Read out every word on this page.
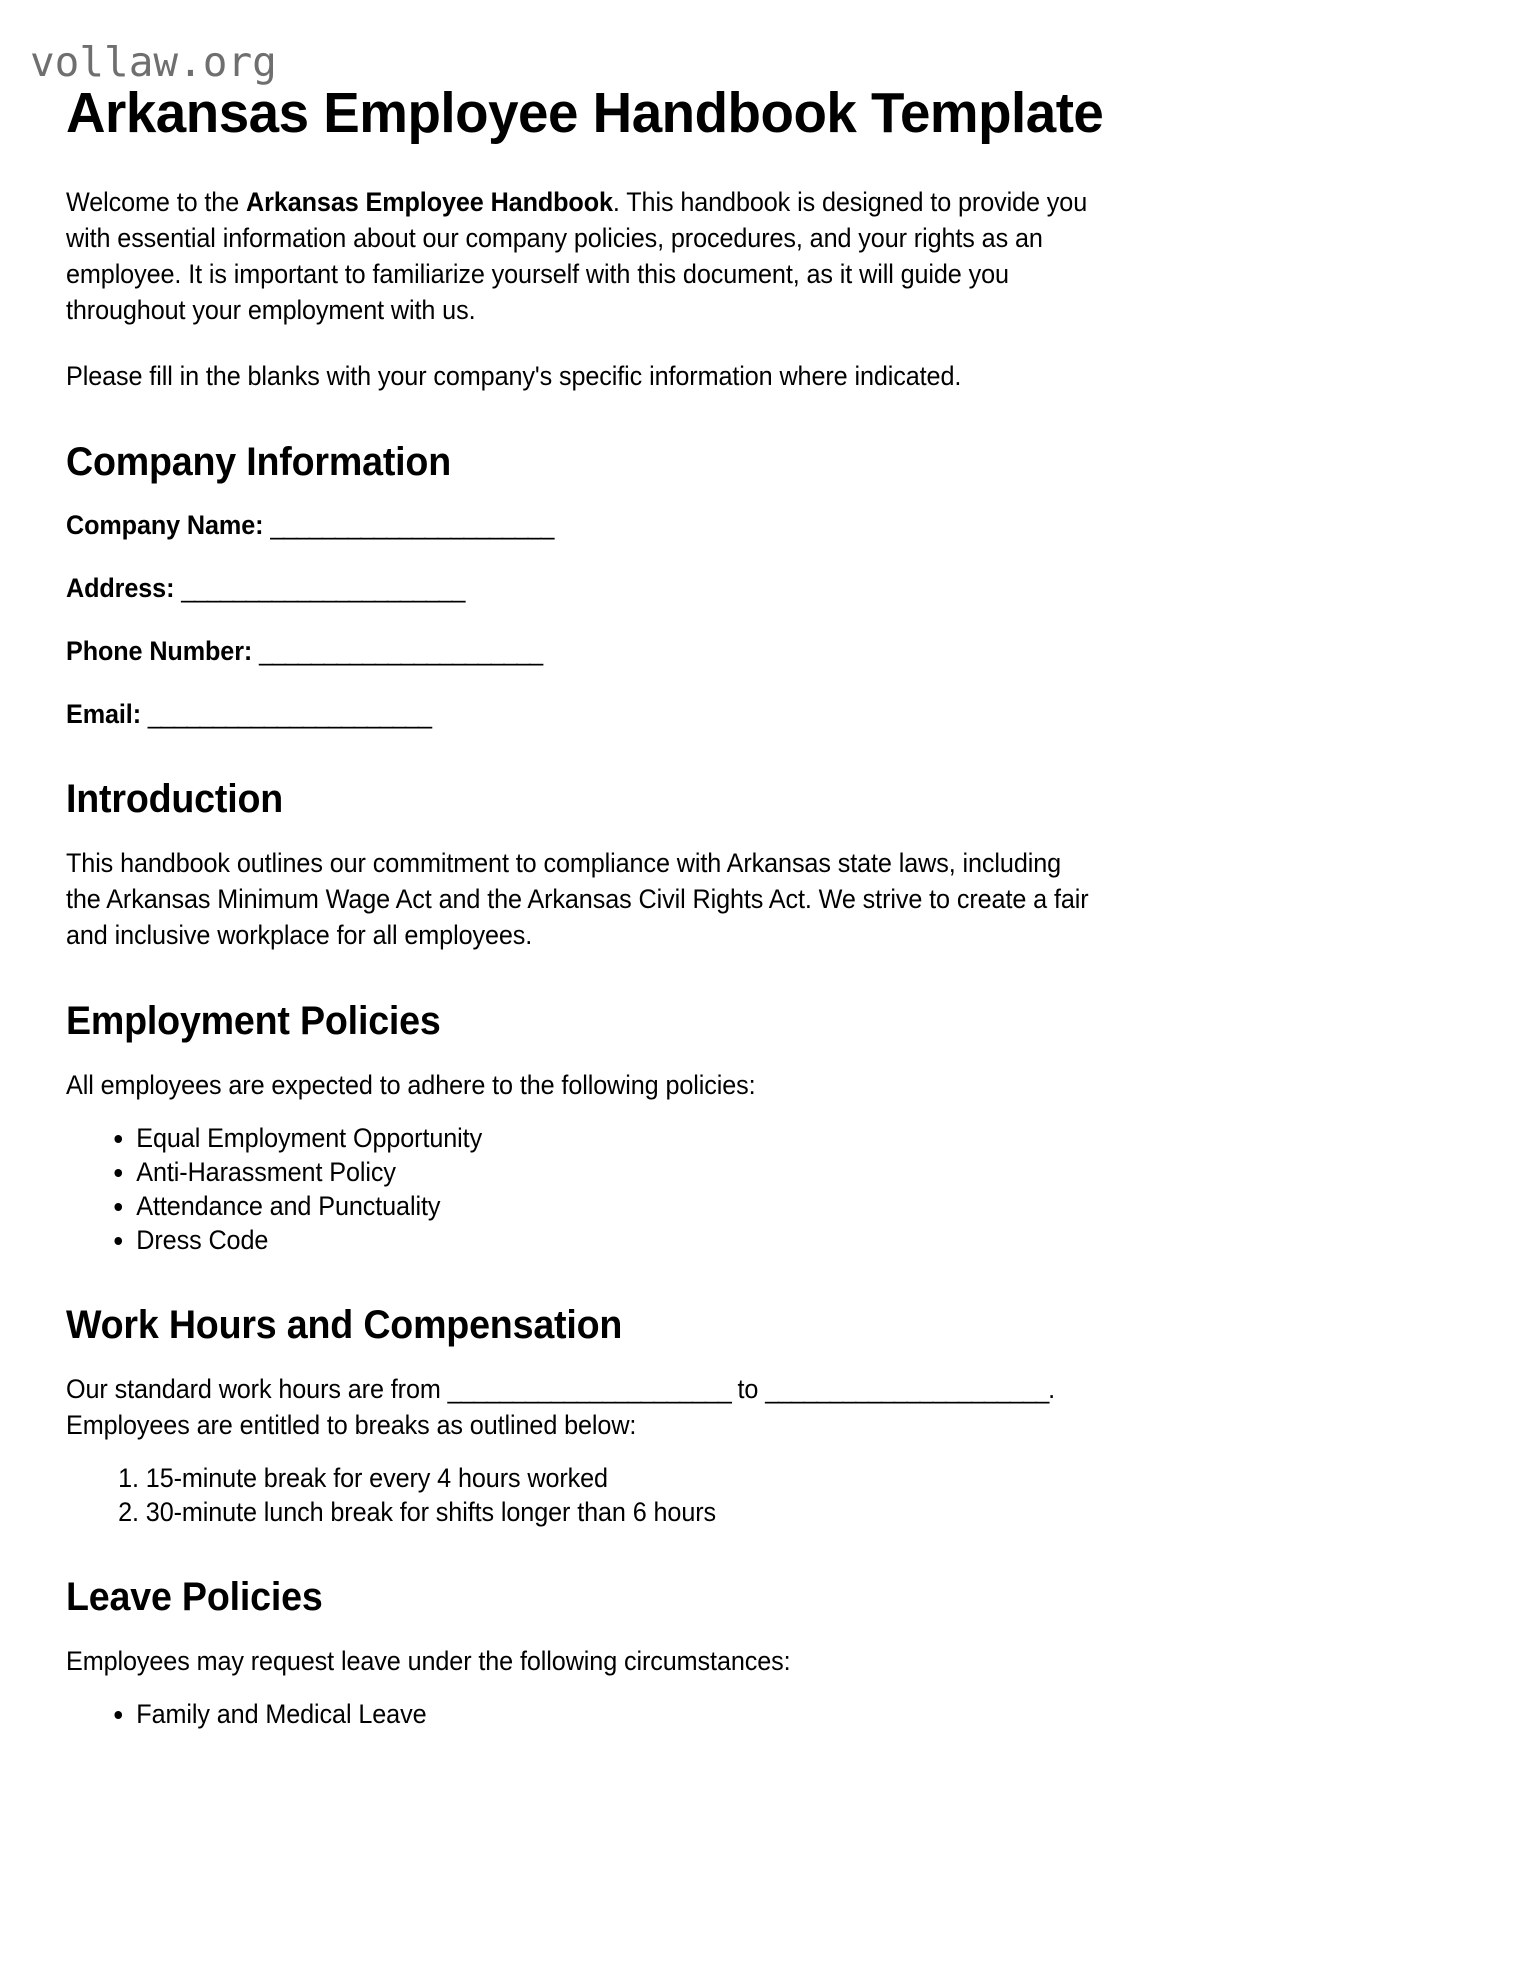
vollaw.org
Arkansas Employee Handbook Template

Welcome to the Arkansas Employee Handbook. This handbook is designed to provide you with essential information about our company policies, procedures, and your rights as an employee. It is important to familiarize yourself with this document, as it will guide you throughout your employment with us.

Please fill in the blanks with your company's specific information where indicated.

Company Information
Company Name: ______________________
Address: ______________________
Phone Number: ______________________
Email: ______________________
Introduction

This handbook outlines our commitment to compliance with Arkansas state laws, including the Arkansas Minimum Wage Act and the Arkansas Civil Rights Act. We strive to create a fair and inclusive workplace for all employees.

Employment Policies

All employees are expected to adhere to the following policies:

• Equal Employment Opportunity
• Anti-Harassment Policy
• Attendance and Punctuality
• Dress Code
Work Hours and Compensation

Our standard work hours are from ______________________ to ______________________.
Employees are entitled to breaks as outlined below:

1. 15-minute break for every 4 hours worked
2. 30-minute lunch break for shifts longer than 6 hours
Leave Policies

Employees may request leave under the following circumstances:

• Family and Medical Leave
